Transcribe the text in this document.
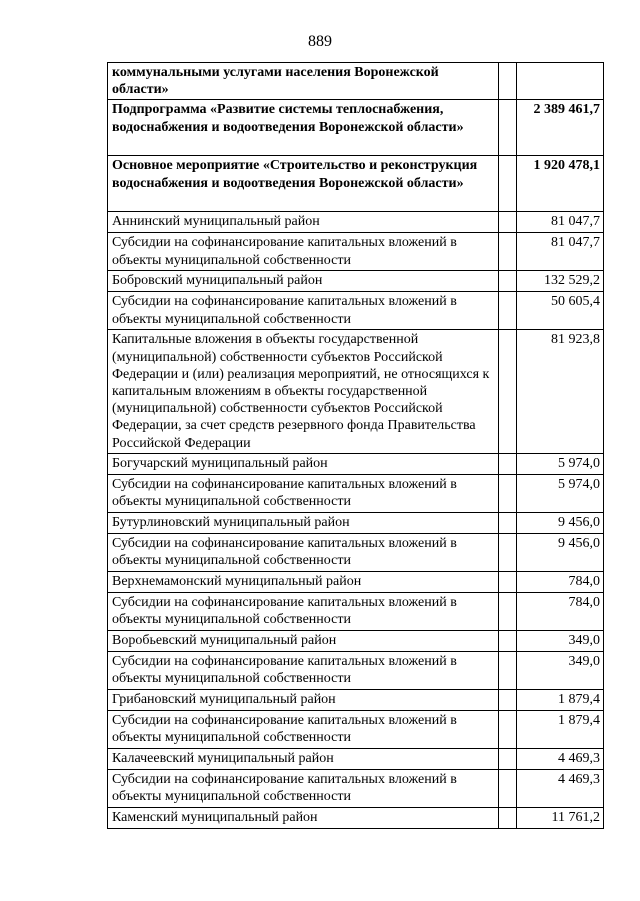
889
коммунальными услугами населения Воронежской области»		
Подпрограмма «Развитие системы теплоснабжения, водоснабжения и водоотведения Воронежской области»		2 389 461,7
Основное мероприятие «Строительство и реконструкция водоснабжения и водоотведения Воронежской области»		1 920 478,1
Аннинский муниципальный район		81 047,7
Субсидии на софинансирование капитальных вложений в объекты муниципальной собственности		81 047,7
Бобровский муниципальный район		132 529,2
Субсидии на софинансирование капитальных вложений в объекты муниципальной собственности		50 605,4
Капитальные вложения в объекты государственной (муниципальной) собственности субъектов Российской Федерации и (или) реализация мероприятий, не относящихся к капитальным вложениям в объекты государственной (муниципальной) собственности субъектов Российской Федерации, за счет средств резервного фонда Правительства Российской Федерации		81 923,8
Богучарский муниципальный район		5 974,0
Субсидии на софинансирование капитальных вложений в объекты муниципальной собственности		5 974,0
Бутурлиновский муниципальный район		9 456,0
Субсидии на софинансирование капитальных вложений в объекты муниципальной собственности		9 456,0
Верхнемамонский муниципальный район		784,0
Субсидии на софинансирование капитальных вложений в объекты муниципальной собственности		784,0
Воробьевский муниципальный район		349,0
Субсидии на софинансирование капитальных вложений в объекты муниципальной собственности		349,0
Грибановский муниципальный район		1 879,4
Субсидии на софинансирование капитальных вложений в объекты муниципальной собственности		1 879,4
Калачеевский муниципальный район		4 469,3
Субсидии на софинансирование капитальных вложений в объекты муниципальной собственности		4 469,3
Каменский муниципальный район		11 761,2
